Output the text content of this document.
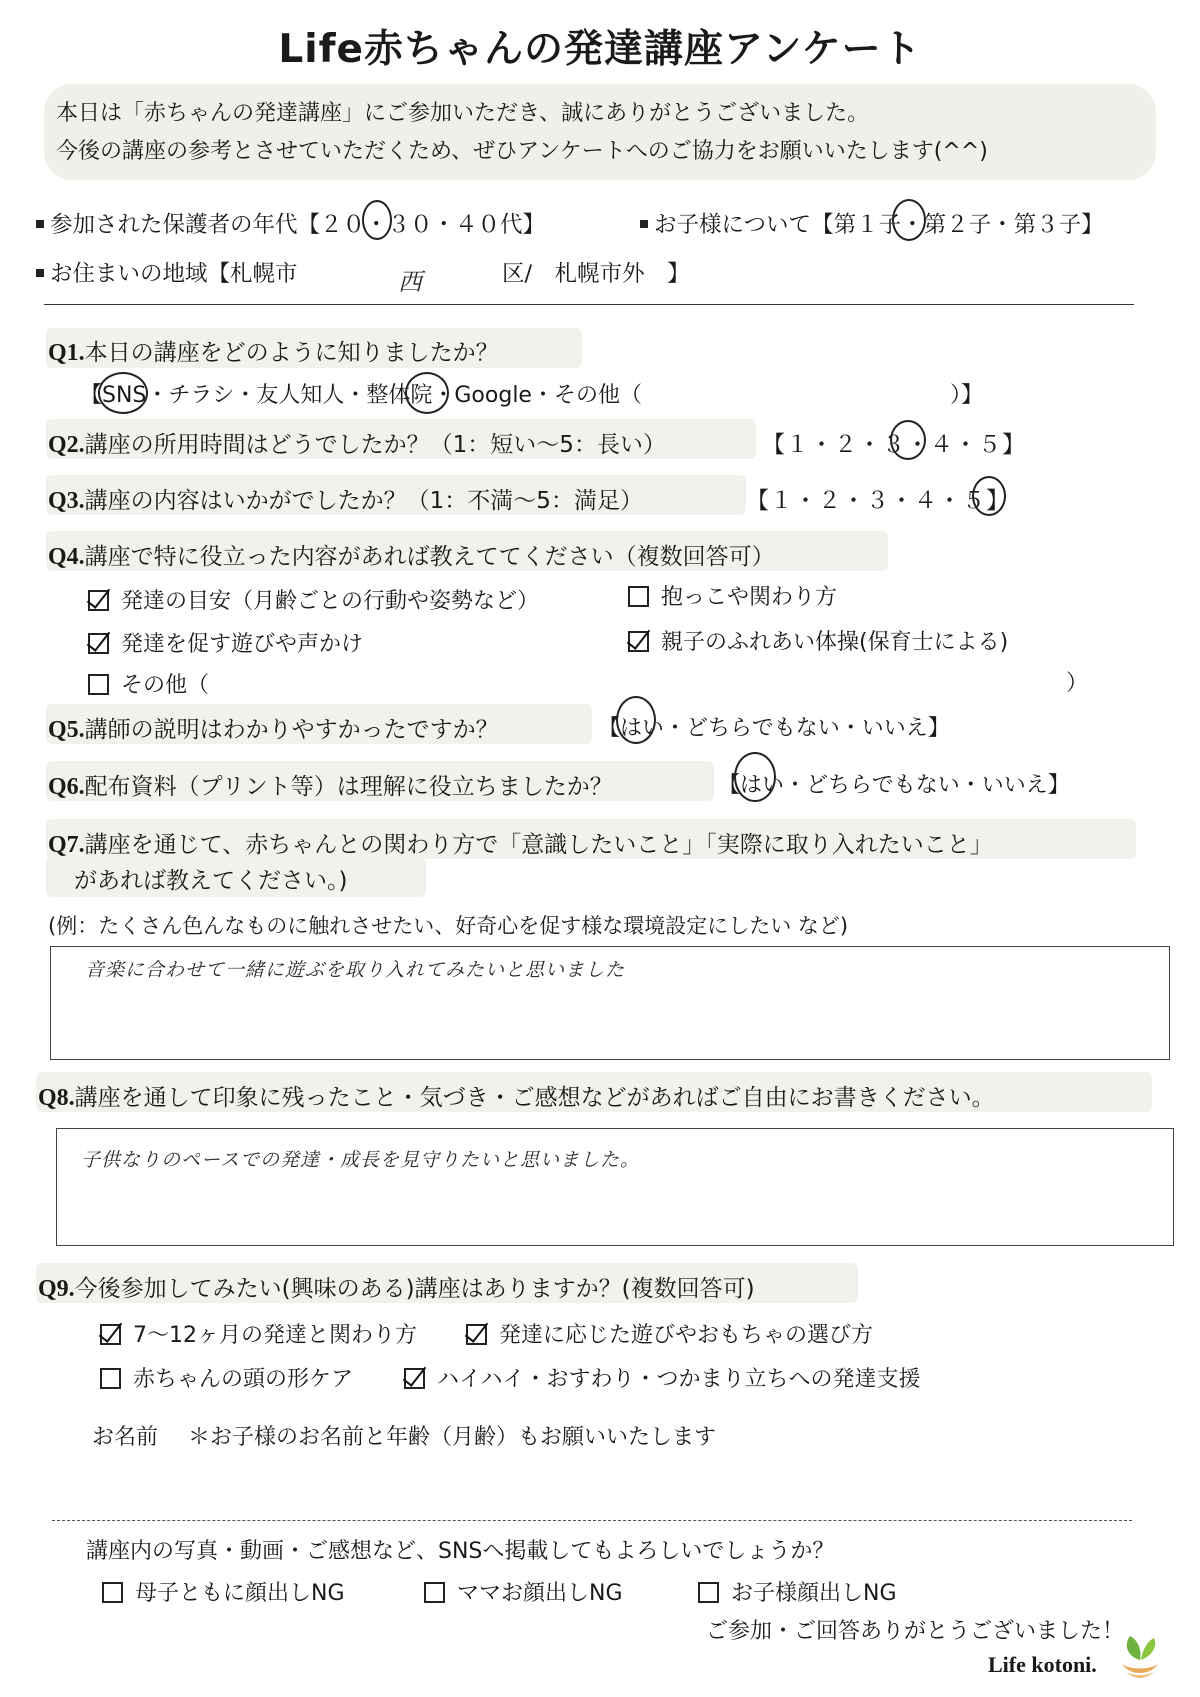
Life赤ちゃんの発達講座アンケート
本日は「赤ちゃんの発達講座」にご参加いただき、誠にありがとうございました。
今後の講座の参考とさせていただくため、ぜひアンケートへのご協力をお願いいたします(^^)
参加された保護者の年代【２０・３０・４０代】	お子様について【第１子・第２子・第３子】
お住まいの地域【札幌市	西	区/　札幌市外　】
Q1.本日の講座をどのように知りましたか？
【SNS・チラシ・友人知人・整体院・Google・その他（　　　　　　　　　　　　　　）】
Q2.講座の所用時間はどうでしたか？（1：短い〜5：長い）	【１・２・３・４・５】
Q3.講座の内容はいかがでしたか？（1：不満〜5：満足）	【１・２・３・４・５】
Q4.講座で特に役立った内容があれば教えててください（複数回答可）
発達の目安（月齢ごとの行動や姿勢など）	抱っこや関わり方
発達を促す遊びや声かけ	親子のふれあい体操(保育士による)
その他（	）
Q5.講師の説明はわかりやすかったですか？	【はい・どちらでもない・いいえ】
Q6.配布資料（プリント等）は理解に役立ちましたか？	【はい・どちらでもない・いいえ】
Q7.講座を通じて、赤ちゃんとの関わり方で「意識したいこと」「実際に取り入れたいこと」
があれば教えてください。)
(例：たくさん色んなものに触れさせたい、好奇心を促す様な環境設定にしたい など)
音楽に合わせて一緒に遊ぶを取り入れてみたいと思いました
Q8.講座を通して印象に残ったこと・気づき・ご感想などがあればご自由にお書きください。
子供なりのペースでの発達・成長を見守りたいと思いました。
Q9.今後参加してみたい(興味のある)講座はありますか？(複数回答可)
7〜12ヶ月の発達と関わり方	発達に応じた遊びやおもちゃの選び方
赤ちゃんの頭の形ケア	ハイハイ・おすわり・つかまり立ちへの発達支援
お名前 ＊お子様のお名前と年齢（月齢）もお願いいたします
講座内の写真・動画・ご感想など、SNSへ掲載してもよろしいでしょうか？
母子ともに顔出しNG	ママお顔出しNG	お子様顔出しNG
ご参加・ご回答ありがとうございました！
Life kotoni.
